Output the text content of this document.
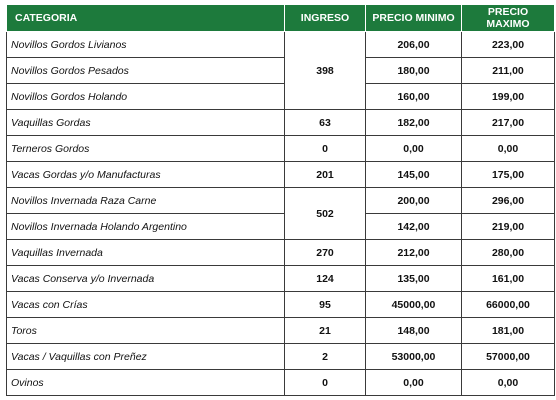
CATEGORIA	INGRESO	PRECIO MINIMO	PRECIO MAXIMO
Novillos Gordos Livianos	398	206,00	223,00
Novillos Gordos Pesados		180,00	211,00
Novillos Gordos Holando		160,00	199,00
Vaquillas Gordas	63	182,00	217,00
Terneros Gordos	0	0,00	0,00
Vacas Gordas y/o Manufacturas	201	145,00	175,00
Novillos Invernada Raza Carne	502	200,00	296,00
Novillos Invernada Holando Argentino		142,00	219,00
Vaquillas Invernada	270	212,00	280,00
Vacas Conserva y/o Invernada	124	135,00	161,00
Vacas con Crías	95	45000,00	66000,00
Toros	21	148,00	181,00
Vacas / Vaquillas con Preñez	2	53000,00	57000,00
Ovinos	0	0,00	0,00
